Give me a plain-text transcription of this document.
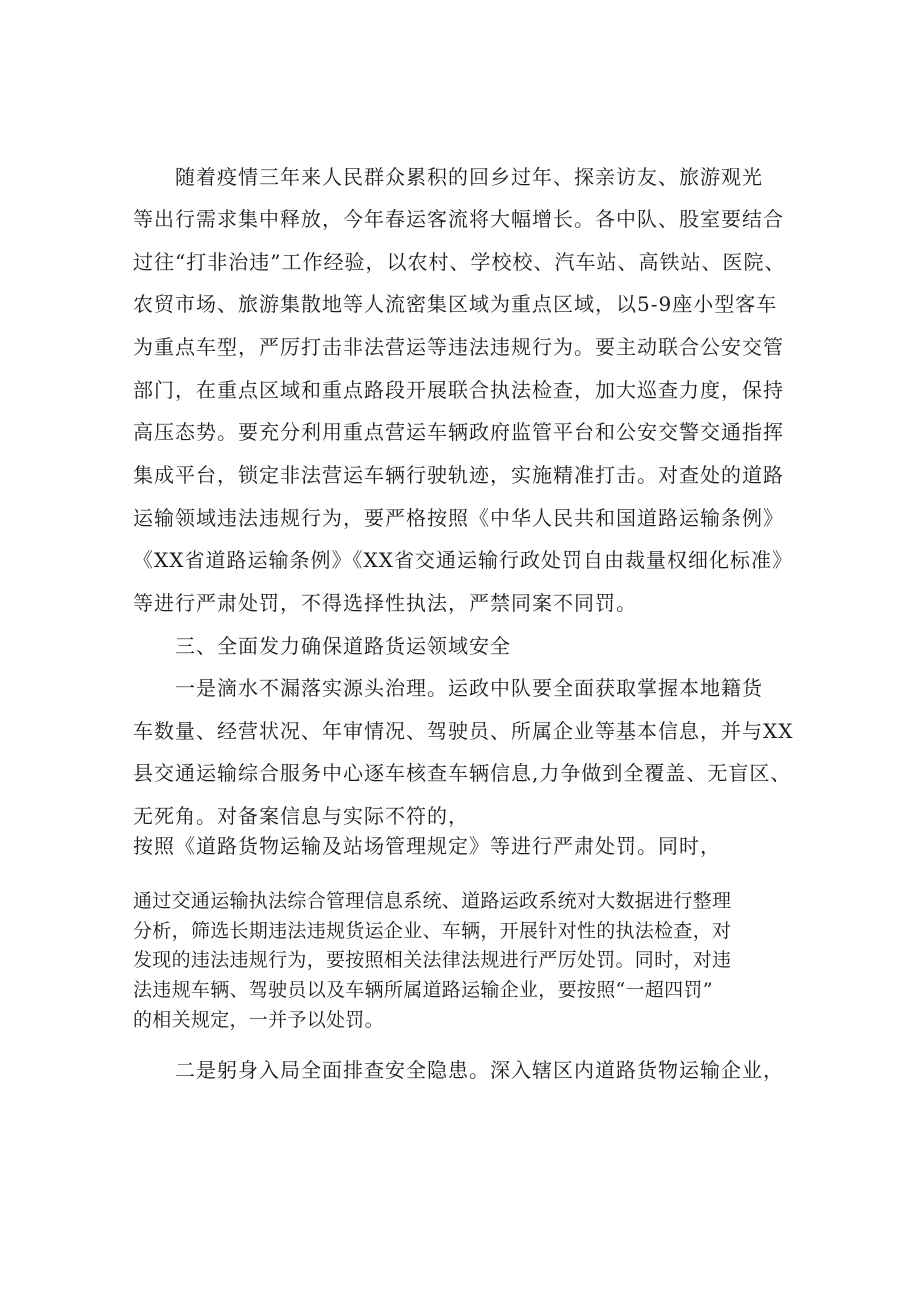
随着疫情三年来人民群众累积的回乡过年、探亲访友、旅游观光
等出行需求集中释放，今年春运客流将大幅增长。各中队、股室要结合
过往“打非治违”工作经验，以农村、学校校、汽车站、高铁站、医院、
农贸市场、旅游集散地等人流密集区域为重点区域，以5-9座小型客车
为重点车型，严厉打击非法营运等违法违规行为。要主动联合公安交管
部门，在重点区域和重点路段开展联合执法检查，加大巡查力度，保持
高压态势。要充分利用重点营运车辆政府监管平台和公安交警交通指挥
集成平台，锁定非法营运车辆行驶轨迹，实施精准打击。对查处的道路
运输领域违法违规行为，要严格按照《中华人民共和国道路运输条例》
《XX省道路运输条例》《XX省交通运输行政处罚自由裁量权细化标准》
等进行严肃处罚，不得选择性执法，严禁同案不同罚。
三、全面发力确保道路货运领域安全
一是滴水不漏落实源头治理。运政中队要全面获取掌握本地籍货
车数量、经营状况、年审情况、驾驶员、所属企业等基本信息，并与XX
县交通运输综合服务中心逐车核查车辆信息,力争做到全覆盖、无盲区、
无死角。对备案信息与实际不符的，
按照《道路货物运输及站场管理规定》等进行严肃处罚。同时，
通过交通运输执法综合管理信息系统、道路运政系统对大数据进行整理
分析，筛选长期违法违规货运企业、车辆，开展针对性的执法检查，对
发现的违法违规行为，要按照相关法律法规进行严厉处罚。同时，对违
法违规车辆、驾驶员以及车辆所属道路运输企业，要按照“一超四罚”
的相关规定，一并予以处罚。
二是躬身入局全面排查安全隐患。深入辖区内道路货物运输企业，
